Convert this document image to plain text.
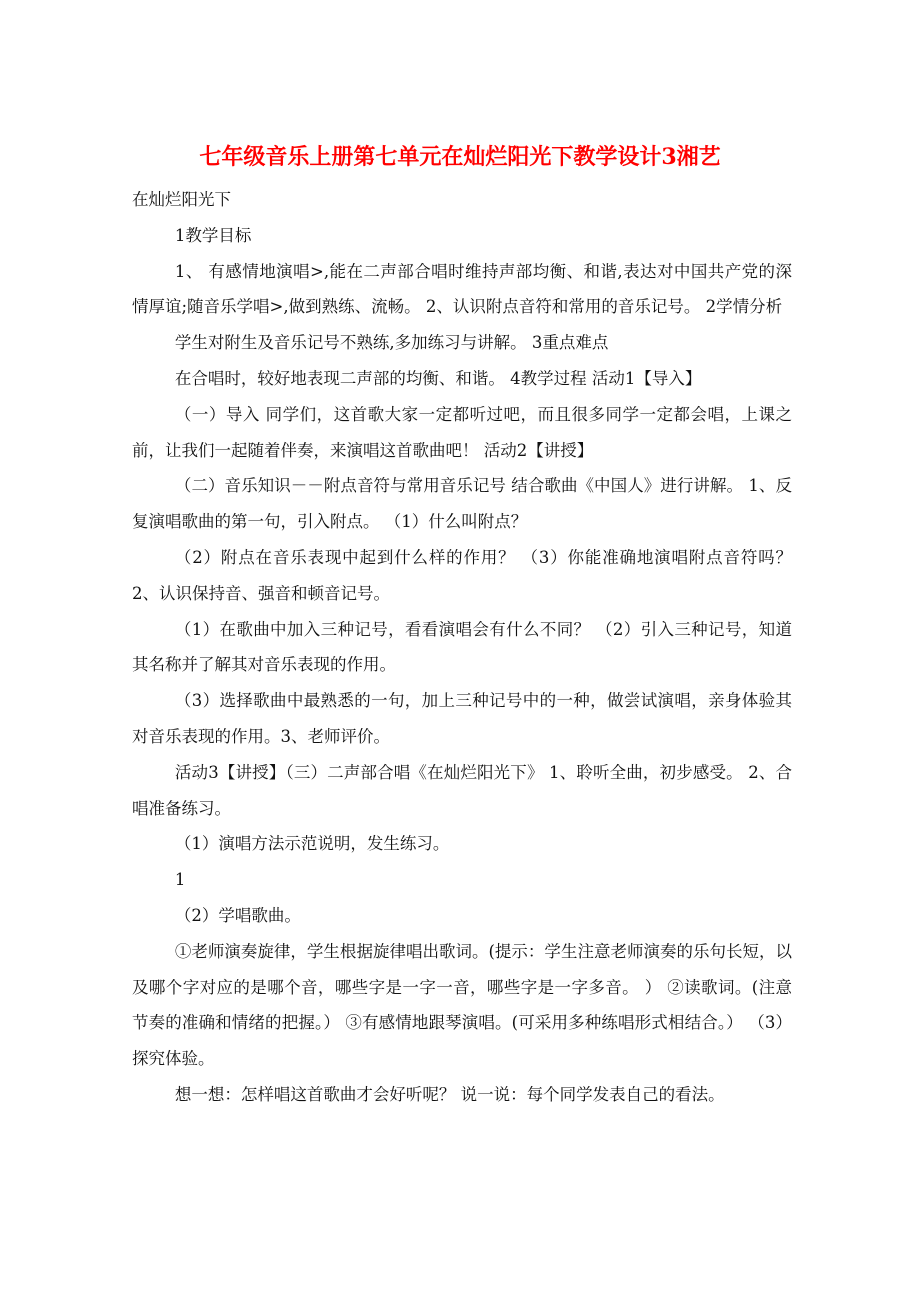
七年级音乐上册第七单元在灿烂阳光下教学设计3湘艺

在灿烂阳光下

1教学目标

1、 有感情地演唱>,能在二声部合唱时维持声部均衡、和谐,表达对中国共产党的深情厚谊;随音乐学唱>,做到熟练、流畅。 2、认识附点音符和常用的音乐记号。 2学情分析

学生对附生及音乐记号不熟练,多加练习与讲解。 3重点难点

在合唱时，较好地表现二声部的均衡、和谐。 4教学过程 活动1【导入】

（一）导入 同学们，这首歌大家一定都听过吧，而且很多同学一定都会唱，上课之前，让我们一起随着伴奏，来演唱这首歌曲吧！ 活动2【讲授】

（二）音乐知识－－附点音符与常用音乐记号 结合歌曲《中国人》进行讲解。 1、反复演唱歌曲的第一句，引入附点。 （1）什么叫附点？

（2）附点在音乐表现中起到什么样的作用？ （3）你能准确地演唱附点音符吗？ 2、认识保持音、强音和顿音记号。

（1）在歌曲中加入三种记号，看看演唱会有什么不同？ （2）引入三种记号，知道其名称并了解其对音乐表现的作用。

（3）选择歌曲中最熟悉的一句，加上三种记号中的一种，做尝试演唱，亲身体验其对音乐表现的作用。3、老师评价。

活动3【讲授】（三）二声部合唱《在灿烂阳光下》 1、聆听全曲，初步感受。 2、合唱准备练习。

（1）演唱方法示范说明，发生练习。

1

（2）学唱歌曲。

①老师演奏旋律，学生根据旋律唱出歌词。(提示：学生注意老师演奏的乐句长短，以及哪个字对应的是哪个音，哪些字是一字一音，哪些字是一字多音。 ） ②读歌词。(注意节奏的准确和情绪的把握。） ③有感情地跟琴演唱。(可采用多种练唱形式相结合。） （3）探究体验。

想一想：怎样唱这首歌曲才会好听呢？ 说一说：每个同学发表自己的看法。
